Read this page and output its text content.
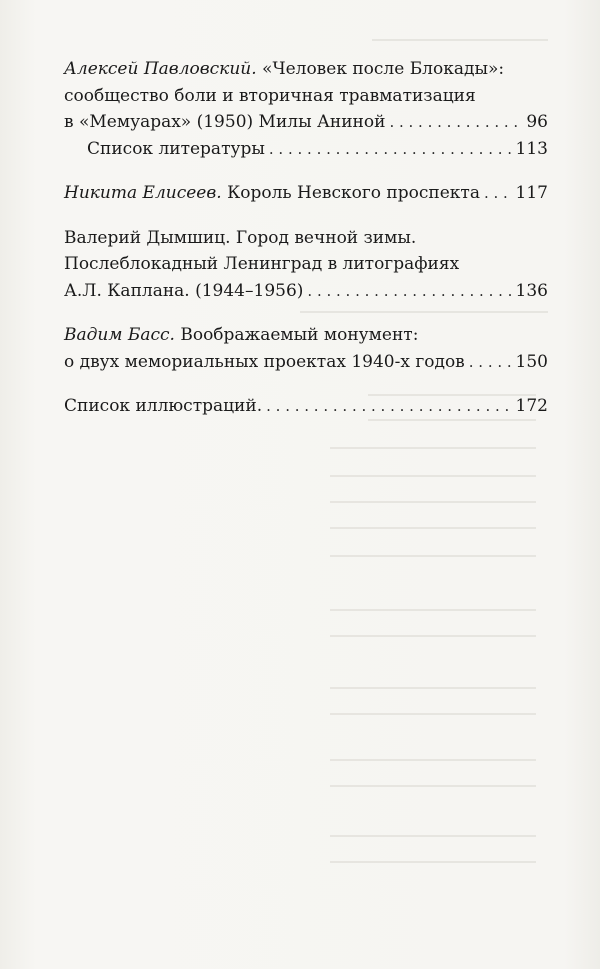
Алексей Павловский. «Человек после Блокады»:
сообщество боли и вторичная травматизация
в «Мемуарах» (1950) Милы Аниной . . .	96
Список литературы . . .	113
Никита Елисеев. Король Невского проспекта . . . 117
Валерий Дымшиц. Город вечной зимы.
Послеблокадный Ленинград в литографиях
А.Л. Каплана. (1944–1956) . . .	136
Вадим Басс. Воображаемый монумент:
о двух мемориальных проектах 1940-х годов . . .	150
Список иллюстраций. . . .	172
